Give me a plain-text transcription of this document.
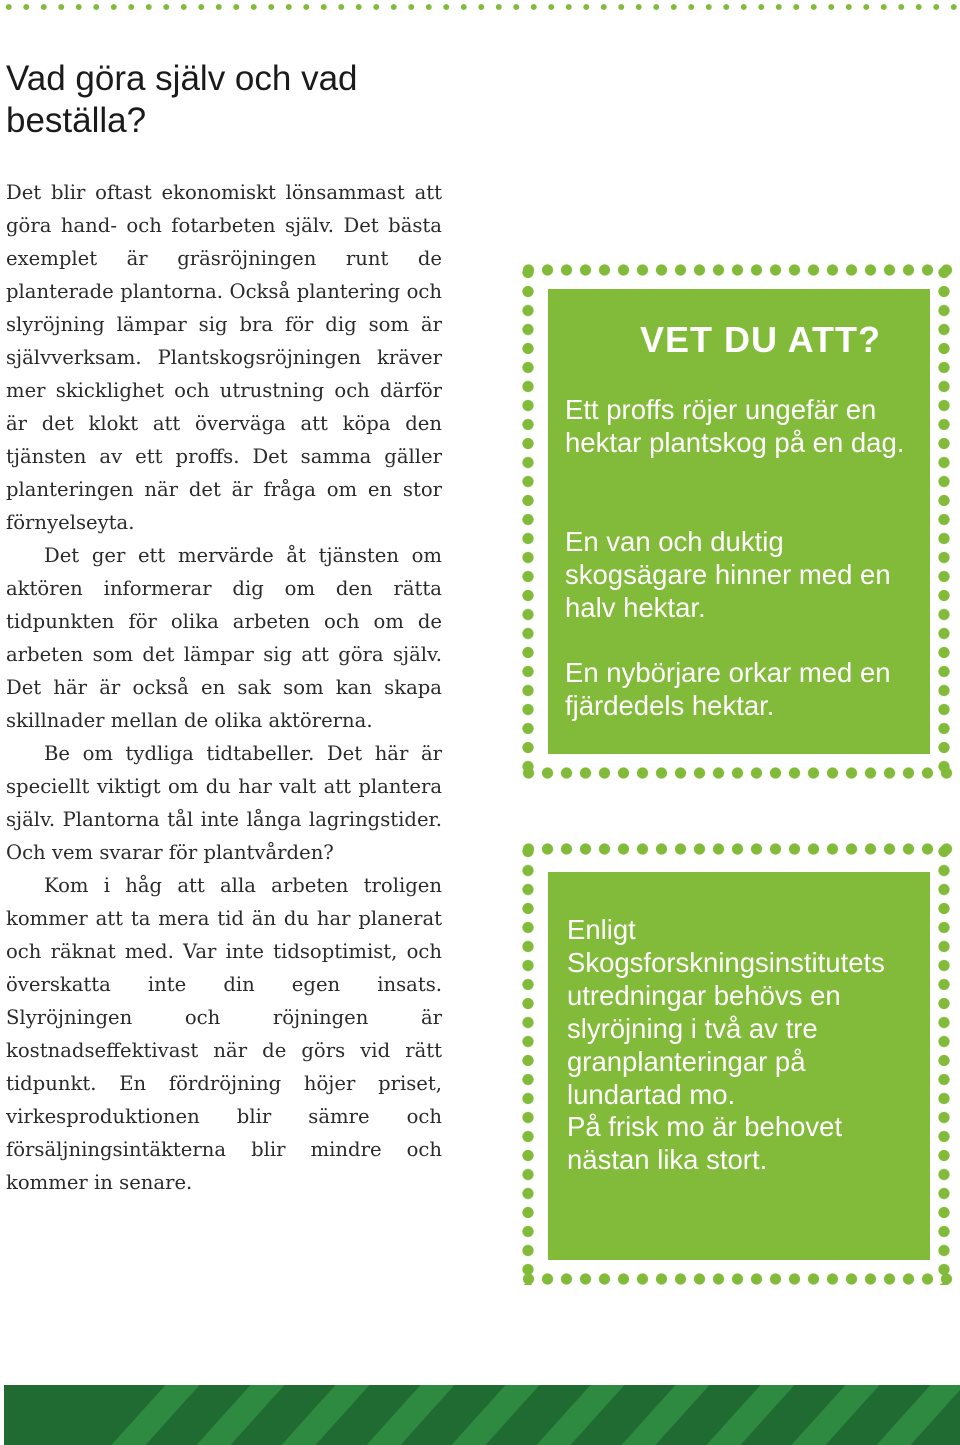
Vad göra själv och vad beställa?

Det blir oftast ekonomiskt lönsammast att göra hand- och fotarbeten själv. Det bästa exemplet är gräsröjningen runt de planterade plantorna. Också plantering och slyröjning lämpar sig bra för dig som är självverksam. Plantskogsröjningen kräver mer skicklighet och utrustning och därför är det klokt att överväga att köpa den tjänsten av ett proffs. Det samma gäller planteringen när det är fråga om en stor förnyelseyta.

Det ger ett mervärde åt tjänsten om aktören informerar dig om den rätta tidpunkten för olika arbeten och om de arbeten som det lämpar sig att göra själv. Det här är också en sak som kan skapa skillnader mellan de olika aktörerna.

Be om tydliga tidtabeller. Det här är speciellt viktigt om du har valt att plantera själv. Plantorna tål inte långa lagringstider. Och vem svarar för plantvården?

Kom i håg att alla arbeten troligen kommer att ta mera tid än du har planerat och räknat med. Var inte tidsoptimist, och överskatta inte din egen insats. Slyröjningen och röjningen är kostnadseffektivast när de görs vid rätt tidpunkt. En fördröjning höjer priset, virkesproduktionen blir sämre och försäljningsintäkterna blir mindre och kommer in senare.

VET DU ATT?

Ett proffs röjer ungefär en hektar plantskog på en dag.

En van och duktig skogsägare hinner med en halv hektar.

En nybörjare orkar med en fjärdedels hektar.

Enligt Skogsforskningsinstitutets utredningar behövs en slyröjning i två av tre granplanteringar på lundartad mo.

På frisk mo är behovet nästan lika stort.
